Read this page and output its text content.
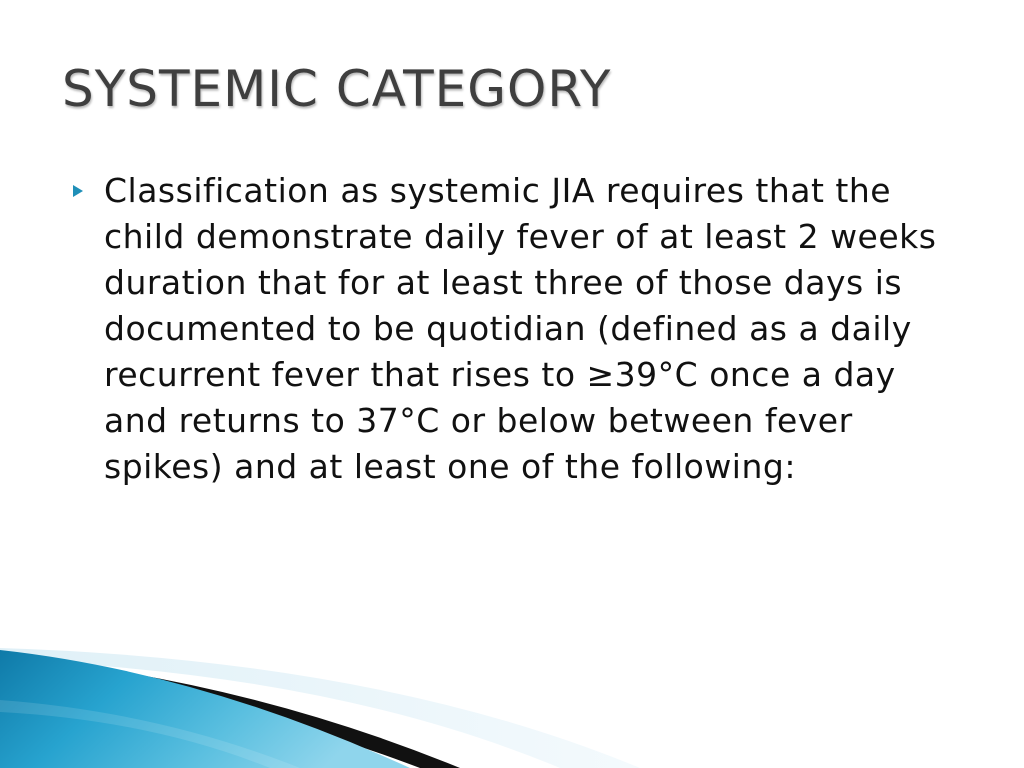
SYSTEMIC CATEGORY

Classification as systemic JIA requires that the child demonstrate daily fever of at least 2 weeks duration that for at least three of those days is documented to be quotidian (defined as a daily recurrent fever that rises to ≥39°C once a day and returns to 37°C or below between fever spikes) and at least one of the following:
